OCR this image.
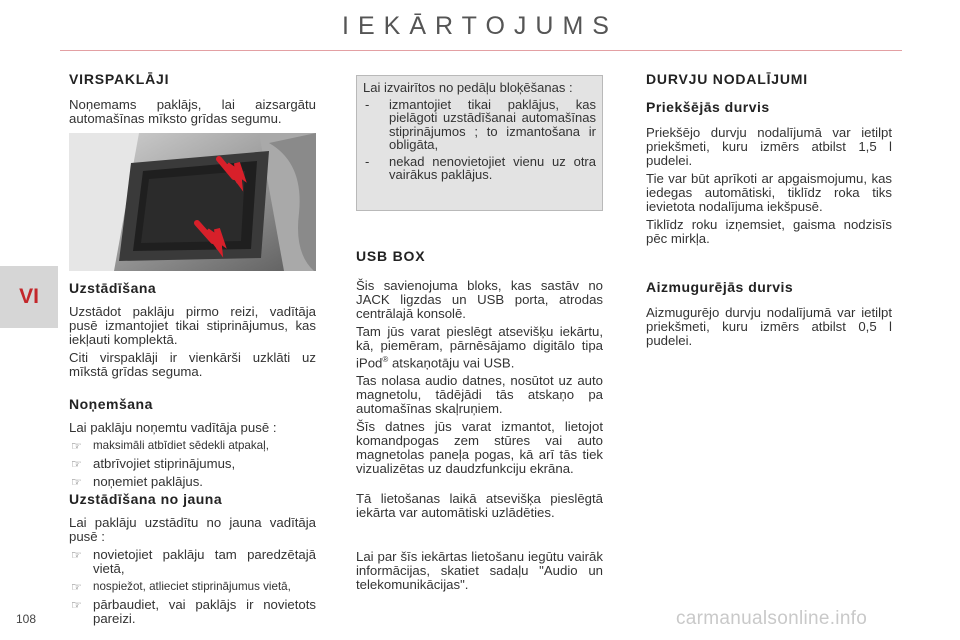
IEKĀRTOJUMS
VI
VIRSPAKLĀJI

Noņemams paklājs, lai aizsargātu automašīnas mīksto grīdas segumu.

Uzstādīšana

Uzstādot paklāju pirmo reizi, vadītāja pusē izmantojiet tikai stiprinājumus, kas iekļauti komplektā.

Citi virspaklāji ir vienkārši uzklāti uz mīkstā grīdas seguma.

Noņemšana

Lai paklāju noņemtu vadītāja pusē :

☞ maksimāli atbīdiet sēdekli atpakaļ,
☞ atbrīvojiet stiprinājumus,
☞ noņemiet paklājus.
Uzstādīšana no jauna

Lai paklāju uzstādītu no jauna vadītāja pusē :

☞ novietojiet paklāju tam paredzētajā vietā,
☞ nospiežot, atlieciet stiprinājumus vietā,
☞ pārbaudiet, vai paklājs ir novietots pareizi.
Lai izvairītos no pedāļu bloķēšanas :
- izmantojiet tikai paklājus, kas pielāgoti uzstādīšanai automašīnas stiprinājumos ; to izmantošana ir obligāta,
- nekad nenovietojiet vienu uz otra vairākus paklājus.
USB BOX

Šis savienojuma bloks, kas sastāv no JACK ligzdas un USB porta, atrodas centrālajā konsolē.

Tam jūs varat pieslēgt atsevišķu iekārtu, kā, piemēram, pārnēsājamo digitālo tipa iPod® atskaņotāju vai USB.

Tas nolasa audio datnes, nosūtot uz auto magnetolu, tādējādi tās atskaņo pa automašīnas skaļruņiem.

Šīs datnes jūs varat izmantot, lietojot komandpogas zem stūres vai auto magnetolas paneļa pogas, kā arī tās tiek vizualizētas uz daudzfunkciju ekrāna.

Tā lietošanas laikā atsevišķa pieslēgtā iekārta var automātiski uzlādēties.

Lai par šīs iekārtas lietošanu iegūtu vairāk informācijas, skatiet sadaļu "Audio un telekomunikācijas".

DURVJU NODALĪJUMI
Priekšējās durvis

Priekšējo durvju nodalījumā var ietilpt priekšmeti, kuru izmērs atbilst 1,5 l pudelei.

Tie var būt aprīkoti ar apgaismojumu, kas iedegas automātiski, tiklīdz roka tiks ievietota nodalījuma iekšpusē.

Tiklīdz roku izņemsiet, gaisma nodzisīs pēc mirkļa.

Aizmugurējās durvis

Aizmugurējo durvju nodalījumā var ietilpt priekšmeti, kuru izmērs atbilst 0,5 l pudelei.

108	carmanualsonline.info
